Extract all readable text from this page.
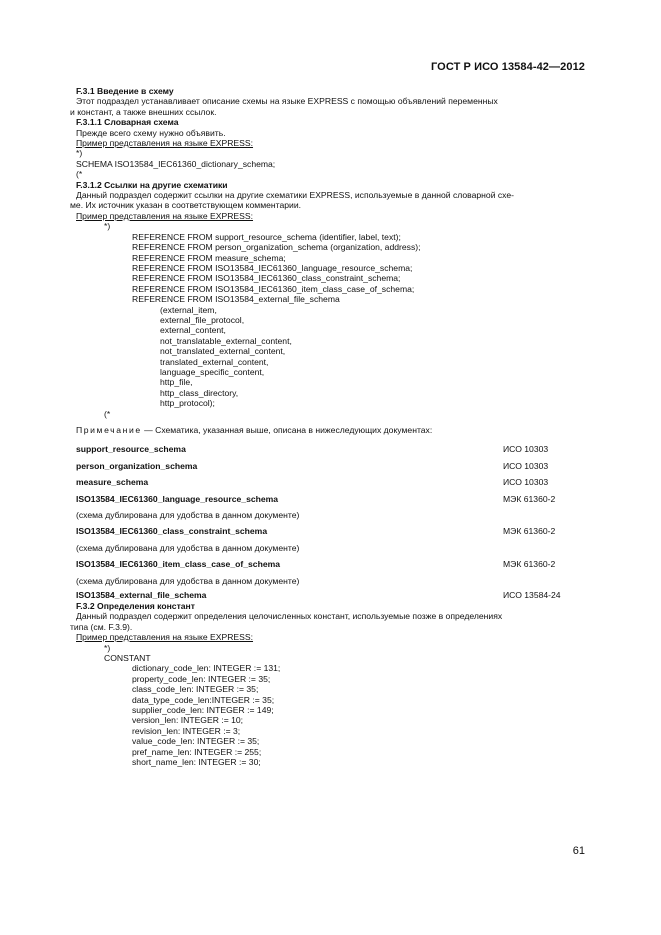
ГОСТ Р ИСО 13584-42—2012
F.3.1 Введение в схему
Этот подраздел устанавливает описание схемы на языке EXPRESS с помощью объявлений переменных
и констант, а также внешних ссылок.
F.3.1.1 Словарная схема
Прежде всего схему нужно объявить.
Пример представления на языке EXPRESS:
*)
SCHEMA ISO13584_IEC61360_dictionary_schema;
(*
F.3.1.2 Ссылки на другие схематики
Данный подраздел содержит ссылки на другие схематики EXPRESS, используемые в данной словарной схе-
ме. Их источник указан в соответствующем комментарии.
Пример представления на языке EXPRESS:
*)
REFERENCE FROM support_resource_schema (identifier, label, text);
REFERENCE FROM person_organization_schema (organization, address);
REFERENCE FROM measure_schema;
REFERENCE FROM ISO13584_IEC61360_language_resource_schema;
REFERENCE FROM ISO13584_IEC61360_class_constraint_schema;
REFERENCE FROM ISO13584_IEC61360_item_class_case_of_schema;
REFERENCE FROM ISO13584_external_file_schema
(external_item,
external_file_protocol,
external_content,
not_translatable_external_content,
not_translated_external_content,
translated_external_content,
language_specific_content,
http_file,
http_class_directory,
http_protocol);
(*
Примечание — Схематика, указанная выше, описана в нижеследующих документах:
support_resource_schema	ИСО 10303
person_organization_schema	ИСО 10303
measure_schema	ИСО 10303
ISO13584_IEC61360_language_resource_schema	МЭК 61360-2
(схема дублирована для удобства в данном документе)
ISO13584_IEC61360_class_constraint_schema	МЭК 61360-2
(схема дублирована для удобства в данном документе)
ISO13584_IEC61360_item_class_case_of_schema	МЭК 61360-2
(схема дублирована для удобства в данном документе)
ISO13584_external_file_schema	ИСО 13584-24
F.3.2 Определения констант
Данный подраздел содержит определения целочисленных констант, используемые позже в определениях
типа (см. F.3.9).
Пример представления на языке EXPRESS:
*)
CONSTANT
dictionary_code_len: INTEGER := 131;
property_code_len: INTEGER := 35;
class_code_len: INTEGER := 35;
data_type_code_len:INTEGER := 35;
supplier_code_len: INTEGER := 149;
version_len: INTEGER := 10;
revision_len: INTEGER := 3;
value_code_len: INTEGER := 35;
pref_name_len: INTEGER := 255;
short_name_len: INTEGER := 30;
61
